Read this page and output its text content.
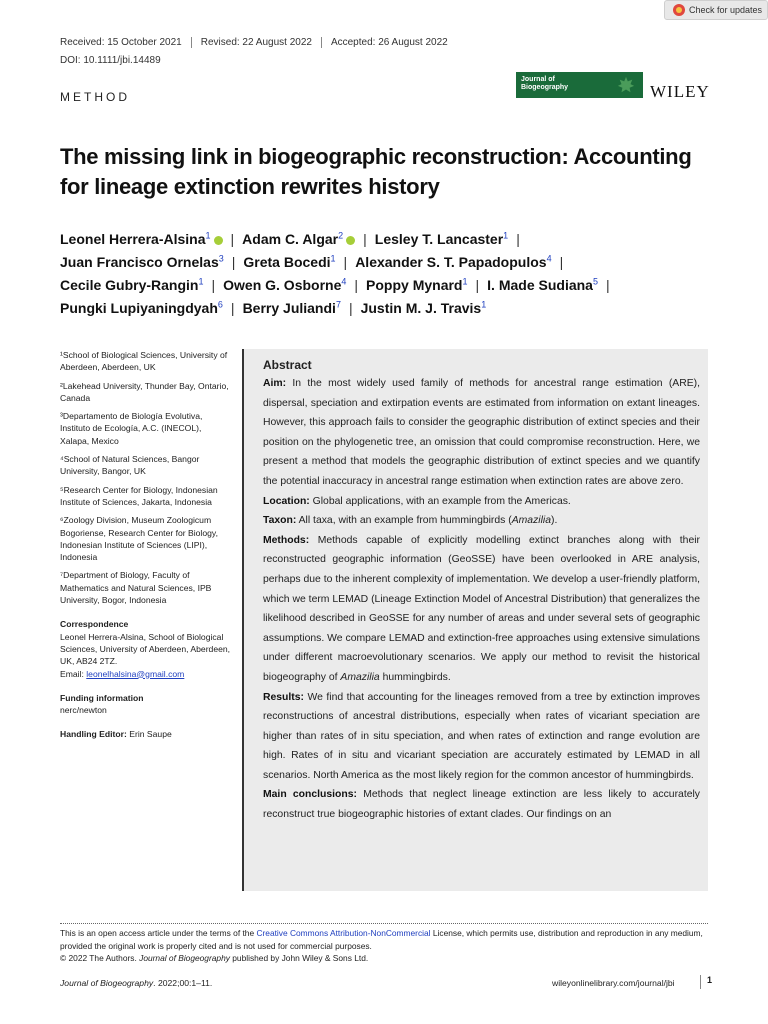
Check for updates
Received: 15 October 2021	Revised: 22 August 2022	Accepted: 26 August 2022
DOI: 10.1111/jbi.14489
METHOD
Journal of
Biogeography	WILEY
The missing link in biogeographic reconstruction: Accounting for lineage extinction rewrites history
Leonel Herrera-Alsina$^1$ | Adam C. Algar$^2$ | Lesley T. Lancaster$^1$ |
Juan Francisco Ornelas$^3$ | Greta Bocedi$^1$ | Alexander S. T. Papadopulos$^4$ |
Cecile Gubry-Rangin$^1$ | Owen G. Osborne$^4$ | Poppy Mynard$^1$ | I. Made Sudiana$^5$ |
Pungki Lupiyaningdyah$^6$ | Berry Juliandi$^7$ | Justin M. J. Travis$^1$
¹School of Biological Sciences, University of Aberdeen, Aberdeen, UK
²Lakehead University, Thunder Bay, Ontario, Canada
³Departamento de Biología Evolutiva, Instituto de Ecología, A.C. (INECOL), Xalapa, Mexico
⁴School of Natural Sciences, Bangor University, Bangor, UK
⁵Research Center for Biology, Indonesian Institute of Sciences, Jakarta, Indonesia
⁶Zoology Division, Museum Zoologicum Bogoriense, Research Center for Biology, Indonesian Institute of Sciences (LIPI), Indonesia
⁷Department of Biology, Faculty of Mathematics and Natural Sciences, IPB University, Bogor, Indonesia
Correspondence
Leonel Herrera-Alsina, School of Biological Sciences, University of Aberdeen, Aberdeen, UK, AB24 2TZ.
Email: leonelhalsina@gmail.com
Funding information
nerc/newton
Handling Editor: Erin Saupe
Abstract

Aim: In the most widely used family of methods for ancestral range estimation (ARE), dispersal, speciation and extirpation events are estimated from information on extant lineages. However, this approach fails to consider the geographic distribution of extinct species and their position on the phylogenetic tree, an omission that could compromise reconstruction. Here, we present a method that models the geographic distribution of extinct species and we quantify the potential inaccuracy in ancestral range estimation when extinction rates are above zero.

Location: Global applications, with an example from the Americas.

Taxon: All taxa, with an example from hummingbirds (Amazilia).

Methods: Methods capable of explicitly modelling extinct branches along with their reconstructed geographic information (GeoSSE) have been overlooked in ARE analysis, perhaps due to the inherent complexity of implementation. We develop a user-friendly platform, which we term LEMAD (Lineage Extinction Model of Ancestral Distribution) that generalizes the likelihood described in GeoSSE for any number of areas and under several sets of geographic assumptions. We compare LEMAD and extinction-free approaches using extensive simulations under different macroevolutionary scenarios. We apply our method to revisit the historical biogeography of Amazilia hummingbirds.

Results: We find that accounting for the lineages removed from a tree by extinction improves reconstructions of ancestral distributions, especially when rates of vicariant speciation are higher than rates of in situ speciation, and when rates of extinction and range evolution are high. Rates of in situ and vicariant speciation are accurately estimated by LEMAD in all scenarios. North America as the most likely region for the common ancestor of hummingbirds.

Main conclusions: Methods that neglect lineage extinction are less likely to accurately reconstruct true biogeographic histories of extant clades. Our findings on an

This is an open access article under the terms of the Creative Commons Attribution-NonCommercial License, which permits use, distribution and reproduction in any medium, provided the original work is properly cited and is not used for commercial purposes.
© 2022 The Authors. Journal of Biogeography published by John Wiley & Sons Ltd.
Journal of Biogeography. 2022;00:1–11.	wileyonlinelibrary.com/journal/jbi	1
